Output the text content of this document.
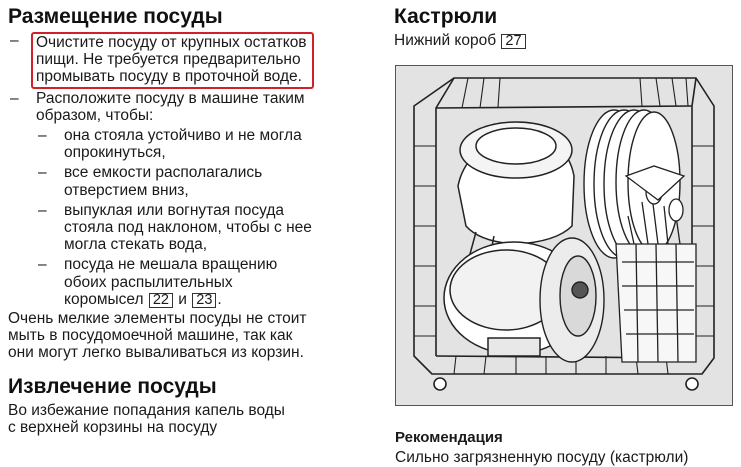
Размещение посуды
– Очистите посуду от крупных остатков
пищи. Не требуется предварительно
промывать посуду в проточной воде.
– Расположите посуду в машине таким
образом, чтобы:
– она стояла устойчиво и не могла
опрокинуться,
– все емкости располагались
отверстием вниз,
– выпуклая или вогнутая посуда
стояла под наклоном, чтобы с нее
могла стекать вода,
– посуда не мешала вращению
обоих распылительных
коромысел 22 и 23 .
Очень мелкие элементы посуды не стоит
мыть в посудомоечной машине, так как
они могут легко вываливаться из корзин.
Извлечение посуды
Во избежание попадания капель воды
с верхней корзины на посуду
Кастрюли
Нижний короб 27
Рекомендация
Сильно загрязненную посуду (кастрюли)
